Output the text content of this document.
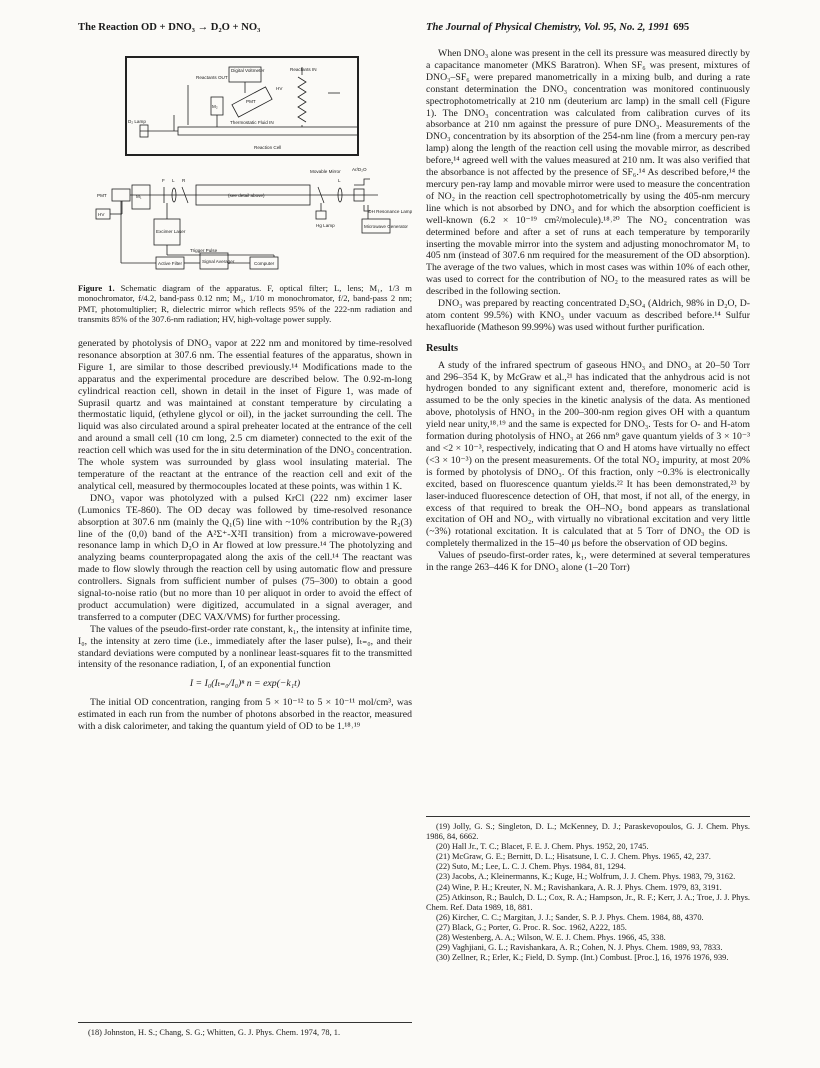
The Reaction OD + DNO₃ → D₂O + NO₃	The Journal of Physical Chemistry, Vol. 95, No. 2, 1991 695
Digital Voltmeter
Reactants OUT
Reactants IN
HV
PMT
M₂
D₂ Lamp	Thermostatic Fluid IN
Reaction Cell
Movable Mirror Ar/D₂O
F L R	L
PMT	M₁
HV
(see detail above)
OH Resonance Lamp
Hg Lamp	Microwave Generator
Excimer Laser
Trigger Pulse
Active Filter	Signal Averager	Computer
Figure 1. Schematic diagram of the apparatus. F, optical filter; L, lens; M₁, 1/3 m monochromator, f/4.2, band-pass 0.12 nm; M₂, 1/10 m monochromator, f/2, band-pass 2 nm; PMT, photomultiplier; R, dielectric mirror which reflects 95% of the 222-nm radiation and transmits 85% of the 307.6-nm radiation; HV, high-voltage power supply.

generated by photolysis of DNO₃ vapor at 222 nm and monitored by time-resolved resonance absorption at 307.6 nm. The essential features of the apparatus, shown in Figure 1, are similar to those described previously.¹⁴ Modifications made to the apparatus and the experimental procedure are described below. The 0.92-m-long cylindrical reaction cell, shown in detail in the inset of Figure 1, was made of Suprasil quartz and was maintained at constant temperature by circulating a thermostatic liquid, (ethylene glycol or oil), in the jacket surrounding the cell. The liquid was also circulated around a spiral preheater located at the entrance of the cell and around a small cell (10 cm long, 2.5 cm diameter) connected to the exit of the reaction cell which was used for the in situ determination of the DNO₃ concentration. The whole system was surrounded by glass wool insulating material. The temperature of the reactant at the entrance of the reaction cell and exit of the analytical cell, measured by thermocouples located at these points, was within 1 K.

DNO₃ vapor was photolyzed with a pulsed KrCl (222 nm) excimer laser (Lumonics TE-860). The OD decay was followed by time-resolved resonance absorption at 307.6 nm (mainly the Q₁(5) line with ~10% contribution by the R₂(3) line of the (0,0) band of the A²Σ⁺-X²Π transition) from a microwave-powered resonance lamp in which D₂O in Ar flowed at low pressure.¹⁴ The photolyzing and analyzing beams counterpropagated along the axis of the cell.¹⁴ The reactant was made to flow slowly through the reaction cell by using automatic flow and pressure controllers. Signals from sufficient number of pulses (75–300) to obtain a good signal-to-noise ratio (but no more than 10 per aliquot in order to avoid the effect of product accumulation) were digitized, accumulated in a signal averager, and transferred to a computer (DEC VAX/VMS) for further processing.

The values of the pseudo-first-order rate constant, k₁, the intensity at infinite time, I₀, the intensity at zero time (i.e., immediately after the laser pulse), Iₜ₌₀, and their standard deviations were computed by a nonlinear least-squares fit to the transmitted intensity of the resonance radiation, I, of an exponential function

I = I₀(Iₜ₌₀/I₀)ⁿ n = exp(−k₁t)

The initial OD concentration, ranging from 5 × 10⁻¹² to 5 × 10⁻¹¹ mol/cm³, was estimated in each run from the number of photons absorbed in the reactor, measured with a disk calorimeter, and taking the quantum yield of OD to be 1.¹⁸˒¹⁹

(18) Johnston, H. S.; Chang, S. G.; Whitten, G. J. Phys. Chem. 1974, 78, 1.

When DNO₃ alone was present in the cell its pressure was measured directly by a capacitance manometer (MKS Baratron). When SF₆ was present, mixtures of DNO₃–SF₆ were prepared manometrically in a mixing bulb, and during a rate constant determination the DNO₃ concentration was monitored continuously spectrophotometrically at 210 nm (deuterium arc lamp) in the small cell (Figure 1). The DNO₃ concentration was calculated from calibration curves of its absorbance at 210 nm against the pressure of pure DNO₃. Measurements of the DNO₃ concentration by its absorption of the 254-nm line (from a mercury pen-ray lamp) along the length of the reaction cell using the movable mirror, as described before,¹⁴ agreed well with the values measured at 210 nm. It was also verified that the absorbance is not affected by the presence of SF₆.¹⁴ As described before,¹⁴ the mercury pen-ray lamp and movable mirror were used to measure the concentration of NO₂ in the reaction cell spectrophotometrically by using the 405-nm mercury line which is not absorbed by DNO₃ and for which the absorption coefficient is well-known (6.2 × 10⁻¹⁹ cm²/molecule).¹⁸˒²⁰ The NO₂ concentration was determined before and after a set of runs at each temperature by temporarily inserting the movable mirror into the system and adjusting monochromator M₁ to 405 nm (instead of 307.6 nm required for the measurement of the OD absorption). The average of the two values, which in most cases was within 10% of each other, was used to correct for the contribution of NO₂ to the measured rates as will be described in the following section.

DNO₃ was prepared by reacting concentrated D₂SO₄ (Aldrich, 98% in D₂O, D-atom content 99.5%) with KNO₃ under vacuum as described before.¹⁴ Sulfur hexafluoride (Matheson 99.99%) was used without further purification.

Results

A study of the infrared spectrum of gaseous HNO₃ and DNO₃ at 20–50 Torr and 296–354 K, by McGraw et al.,²¹ has indicated that the anhydrous acid is not hydrogen bonded to any significant extent and, therefore, monomeric acid is assumed to be the only species in the kinetic analysis of the data. As mentioned above, photolysis of HNO₃ in the 200–300-nm region gives OH with a quantum yield near unity,¹⁸˒¹⁹ and the same is expected for DNO₃. Tests for O- and H-atom formation during photolysis of HNO₃ at 266 nm⁹ gave quantum yields of 3 × 10⁻³ and <2 × 10⁻³, respectively, indicating that O and H atoms have virtually no effect (<3 × 10⁻³) on the present measurements. Of the total NO₂ impurity, at most 20% is formed by photolysis of DNO₃. Of this fraction, only ~0.3% is electronically excited, based on fluorescence quantum yields.²² It has been demonstrated,²³ by laser-induced fluorescence detection of OH, that most, if not all, of the energy, in excess of that required to break the OH–NO₂ bond appears as translational excitation of OH and NO₂, with virtually no vibrational excitation and very little (~3%) rotational excitation. It is calculated that at 5 Torr of DNO₃ the OD is completely thermalized in the 15–40 μs before the observation of OD begins.

Values of pseudo-first-order rates, k₁, were determined at several temperatures in the range 263–446 K for DNO₃ alone (1–20 Torr)

(19) Jolly, G. S.; Singleton, D. L.; McKenney, D. J.; Paraskevopoulos, G. J. Chem. Phys. 1986, 84, 6662.
(20) Hall Jr., T. C.; Blacet, F. E. J. Chem. Phys. 1952, 20, 1745.
(21) McGraw, G. E.; Bernitt, D. L.; Hisatsune, I. C. J. Chem. Phys. 1965, 42, 237.
(22) Suto, M.; Lee, L. C. J. Chem. Phys. 1984, 81, 1294.
(23) Jacobs, A.; Kleinermanns, K.; Kuge, H.; Wolfrum, J. J. Chem. Phys. 1983, 79, 3162.
(24) Wine, P. H.; Kreuter, N. M.; Ravishankara, A. R. J. Phys. Chem. 1979, 83, 3191.
(25) Atkinson, R.; Baulch, D. L.; Cox, R. A.; Hampson, Jr., R. F.; Kerr, J. A.; Troe, J. J. Phys. Chem. Ref. Data 1989, 18, 881.
(26) Kircher, C. C.; Margitan, J. J.; Sander, S. P. J. Phys. Chem. 1984, 88, 4370.
(27) Black, G.; Porter, G. Proc. R. Soc. 1962, A222, 185.
(28) Westenberg, A. A.; Wilson, W. E. J. Chem. Phys. 1966, 45, 338.
(29) Vaghjiani, G. L.; Ravishankara, A. R.; Cohen, N. J. Phys. Chem. 1989, 93, 7833.
(30) Zellner, R.; Erler, K.; Field, D. Symp. (Int.) Combust. [Proc.], 16, 1976 1976, 939.
